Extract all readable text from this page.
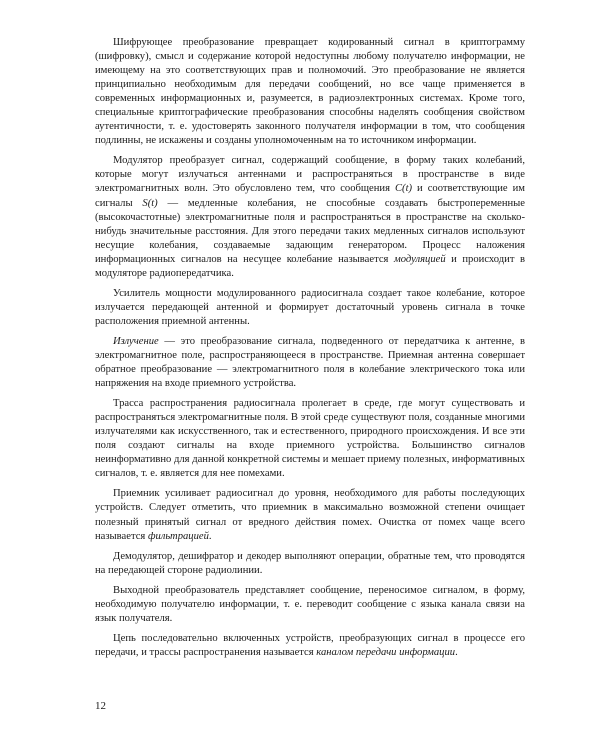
Шифрующее преобразование превращает кодированный сигнал в криптограмму (шифровку), смысл и содержание которой недоступны любому получателю информации, не имеющему на это соответствующих прав и полномочий. Это преобразование не является принципиально необходимым для передачи сообщений, но все чаще применяется в современных информационных и, разумеется, в радиоэлектронных системах. Кроме того, специальные криптографические преобразования способны наделять сообщения свойством аутентичности, т. е. удостоверять законного получателя информации в том, что сообщения подлинны, не искажены и созданы уполномоченным на то источником информации.

Модулятор преобразует сигнал, содержащий сообщение, в форму таких колебаний, которые могут излучаться антеннами и распространяться в пространстве в виде электромагнитных волн. Это обусловлено тем, что сообщения C(t) и соответствующие им сигналы S(t) — медленные колебания, не способные создавать быстропеременные (высокочастотные) электромагнитные поля и распространяться в пространстве на сколько-нибудь значительные расстояния. Для этого передачи таких медленных сигналов используют несущие колебания, создаваемые задающим генератором. Процесс наложения информационных сигналов на несущее колебание называется модуляцией и происходит в модуляторе радиопередатчика.

Усилитель мощности модулированного радиосигнала создает такое колебание, которое излучается передающей антенной и формирует достаточный уровень сигнала в точке расположения приемной антенны.

Излучение — это преобразование сигнала, подведенного от передатчика к антенне, в электромагнитное поле, распространяющееся в пространстве. Приемная антенна совершает обратное преобразование — электромагнитного поля в колебание электрического тока или напряжения на входе приемного устройства.

Трасса распространения радиосигнала пролегает в среде, где могут существовать и распространяться электромагнитные поля. В этой среде существуют поля, созданные многими излучателями как искусственного, так и естественного, природного происхождения. И все эти поля создают сигналы на входе приемного устройства. Большинство сигналов неинформативно для данной конкретной системы и мешает приему полезных, информативных сигналов, т. е. является для нее помехами.

Приемник усиливает радиосигнал до уровня, необходимого для работы последующих устройств. Следует отметить, что приемник в максимально возможной степени очищает полезный принятый сигнал от вредного действия помех. Очистка от помех чаще всего называется фильтрацией.

Демодулятор, дешифратор и декодер выполняют операции, обратные тем, что проводятся на передающей стороне радиолинии.

Выходной преобразователь представляет сообщение, переносимое сигналом, в форму, необходимую получателю информации, т. е. переводит сообщение с языка канала связи на язык получателя.

Цепь последовательно включенных устройств, преобразующих сигнал в процессе его передачи, и трассы распространения называется каналом передачи информации.

12
